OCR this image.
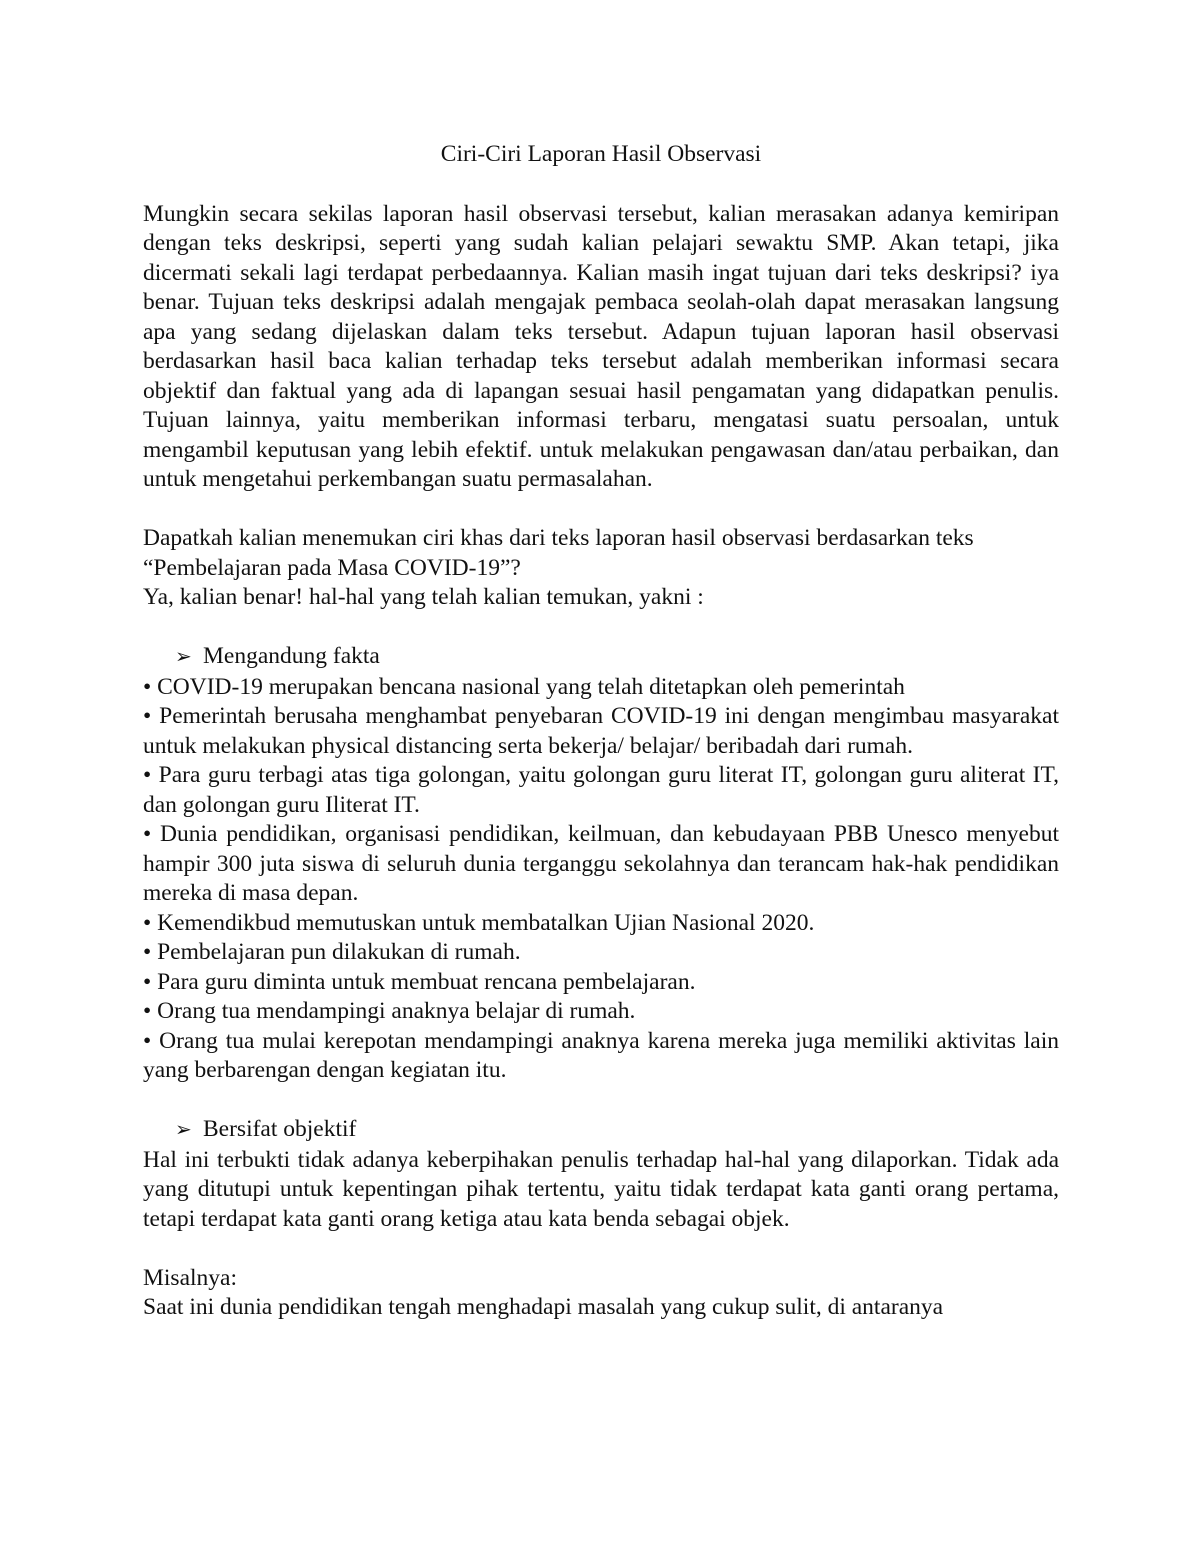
Ciri-Ciri Laporan Hasil Observasi

Mungkin secara sekilas laporan hasil observasi tersebut, kalian merasakan adanya kemiripan dengan teks deskripsi, seperti yang sudah kalian pelajari sewaktu SMP. Akan tetapi, jika dicermati sekali lagi terdapat perbedaannya. Kalian masih ingat tujuan dari teks deskripsi? iya benar. Tujuan teks deskripsi adalah mengajak pembaca seolah-olah dapat merasakan langsung apa yang sedang dijelaskan dalam teks tersebut. Adapun tujuan laporan hasil observasi berdasarkan hasil baca kalian terhadap teks tersebut adalah memberikan informasi secara objektif dan faktual yang ada di lapangan sesuai hasil pengamatan yang didapatkan penulis. Tujuan lainnya, yaitu memberikan informasi terbaru, mengatasi suatu persoalan, untuk mengambil keputusan yang lebih efektif. untuk melakukan pengawasan dan/atau perbaikan, dan untuk mengetahui perkembangan suatu permasalahan.

Dapatkah kalian menemukan ciri khas dari teks laporan hasil observasi berdasarkan teks

“Pembelajaran pada Masa COVID-19”?

Ya, kalian benar! hal-hal yang telah kalian temukan, yakni :

➢ Mengandung fakta

• COVID-19 merupakan bencana nasional yang telah ditetapkan oleh pemerintah

• Pemerintah berusaha menghambat penyebaran COVID-19 ini dengan mengimbau masyarakat untuk melakukan physical distancing serta bekerja/ belajar/ beribadah dari rumah.

• Para guru terbagi atas tiga golongan, yaitu golongan guru literat IT, golongan guru aliterat IT, dan golongan guru Iliterat IT.

• Dunia pendidikan, organisasi pendidikan, keilmuan, dan kebudayaan PBB Unesco menyebut hampir 300 juta siswa di seluruh dunia terganggu sekolahnya dan terancam hak-hak pendidikan mereka di masa depan.

• Kemendikbud memutuskan untuk membatalkan Ujian Nasional 2020.

• Pembelajaran pun dilakukan di rumah.

• Para guru diminta untuk membuat rencana pembelajaran.

• Orang tua mendampingi anaknya belajar di rumah.

• Orang tua mulai kerepotan mendampingi anaknya karena mereka juga memiliki aktivitas lain yang berbarengan dengan kegiatan itu.

➢ Bersifat objektif

Hal ini terbukti tidak adanya keberpihakan penulis terhadap hal-hal yang dilaporkan. Tidak ada yang ditutupi untuk kepentingan pihak tertentu, yaitu tidak terdapat kata ganti orang pertama, tetapi terdapat kata ganti orang ketiga atau kata benda sebagai objek.

Misalnya:

Saat ini dunia pendidikan tengah menghadapi masalah yang cukup sulit, di antaranya
